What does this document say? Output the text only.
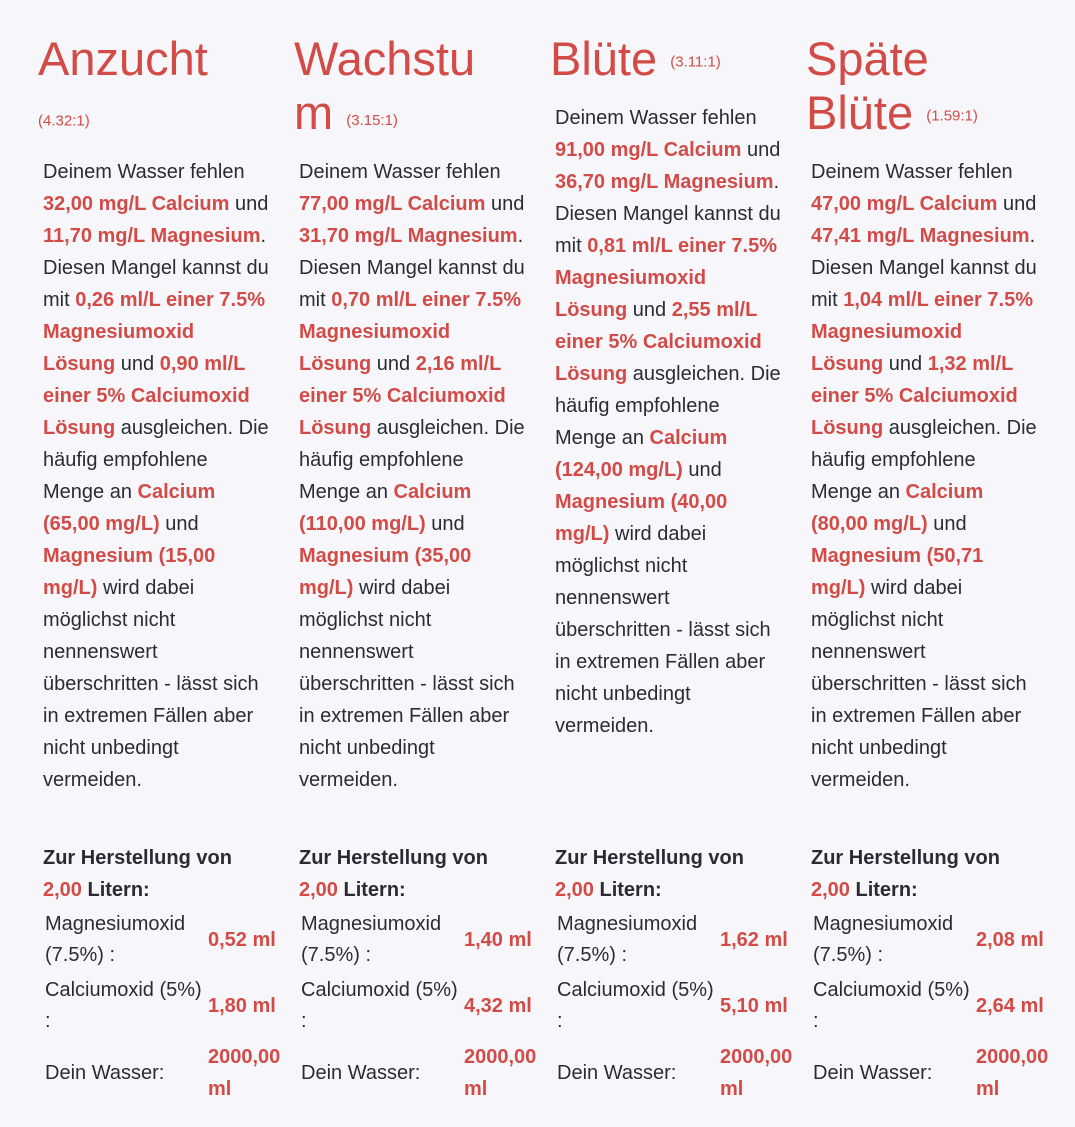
Anzucht
(4.32:1)
Deinem Wasser fehlen 32,00 mg/L Calcium und 11,70 mg/L Magnesium. Diesen Mangel kannst du mit 0,26 ml/L einer 7.5% Magnesiumoxid Lösung und 0,90 ml/L einer 5% Calciumoxid Lösung ausgleichen. Die häufig empfohlene Menge an Calcium (65,00 mg/L) und Magnesium (15,00 mg/L) wird dabei möglichst nicht nennenswert überschritten - lässt sich in extremen Fällen aber nicht unbedingt vermeiden.
Zur Herstellung von
2,00 Litern:
Magnesiumoxid (7.5%) :
0,52 ml
Calciumoxid (5%) :
1,80 ml
Dein Wasser:
2000,00 ml
Wachstum (3.15:1)
Deinem Wasser fehlen 77,00 mg/L Calcium und 31,70 mg/L Magnesium. Diesen Mangel kannst du mit 0,70 ml/L einer 7.5% Magnesiumoxid Lösung und 2,16 ml/L einer 5% Calciumoxid Lösung ausgleichen. Die häufig empfohlene Menge an Calcium (110,00 mg/L) und Magnesium (35,00 mg/L) wird dabei möglichst nicht nennenswert überschritten - lässt sich in extremen Fällen aber nicht unbedingt vermeiden.
Zur Herstellung von
2,00 Litern:
Magnesiumoxid (7.5%) :
1,40 ml
Calciumoxid (5%) :
4,32 ml
Dein Wasser:
2000,00 ml
Blüte (3.11:1)
Deinem Wasser fehlen 91,00 mg/L Calcium und 36,70 mg/L Magnesium. Diesen Mangel kannst du mit 0,81 ml/L einer 7.5% Magnesiumoxid Lösung und 2,55 ml/L einer 5% Calciumoxid Lösung ausgleichen. Die häufig empfohlene Menge an Calcium (124,00 mg/L) und Magnesium (40,00 mg/L) wird dabei möglichst nicht nennenswert überschritten - lässt sich in extremen Fällen aber nicht unbedingt vermeiden.
Zur Herstellung von
2,00 Litern:
Magnesiumoxid (7.5%) :
1,62 ml
Calciumoxid (5%) :
5,10 ml
Dein Wasser:
2000,00 ml
Späte Blüte (1.59:1)
Deinem Wasser fehlen 47,00 mg/L Calcium und 47,41 mg/L Magnesium. Diesen Mangel kannst du mit 1,04 ml/L einer 7.5% Magnesiumoxid Lösung und 1,32 ml/L einer 5% Calciumoxid Lösung ausgleichen. Die häufig empfohlene Menge an Calcium (80,00 mg/L) und Magnesium (50,71 mg/L) wird dabei möglichst nicht nennenswert überschritten - lässt sich in extremen Fällen aber nicht unbedingt vermeiden.
Zur Herstellung von
2,00 Litern:
Magnesiumoxid (7.5%) :
2,08 ml
Calciumoxid (5%) :
2,64 ml
Dein Wasser:
2000,00 ml
